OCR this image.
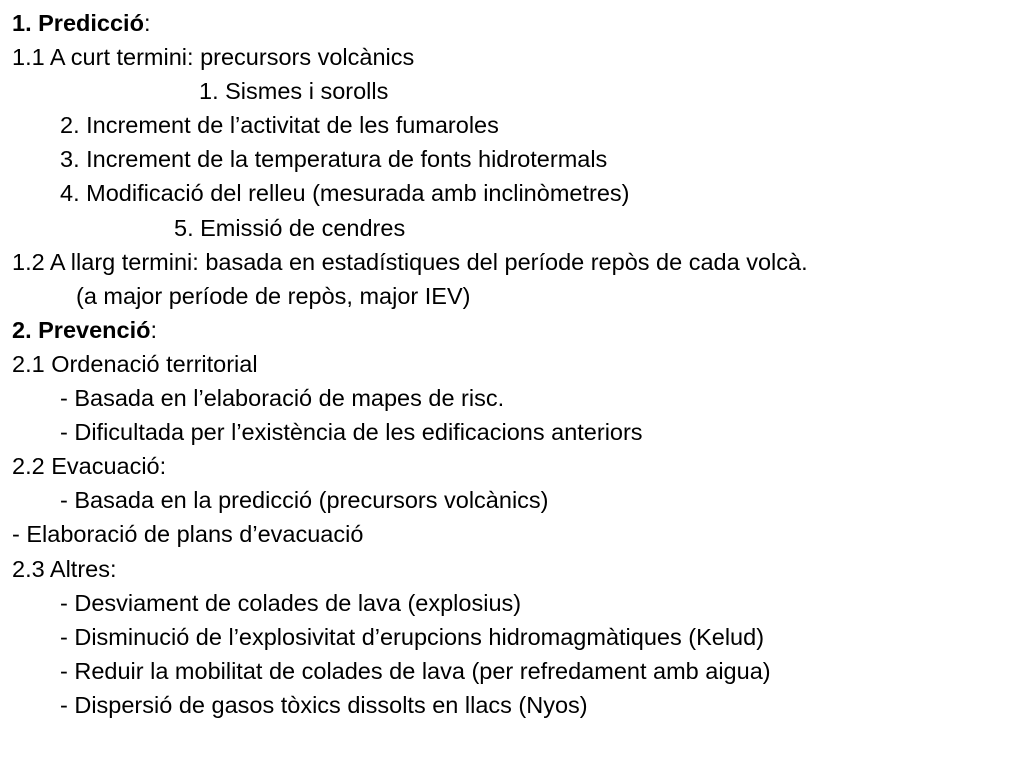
1. Predicció:
1.1 A curt termini: precursors volcànics
1. Sismes i sorolls
2. Increment de l’activitat de les fumaroles
3. Increment de la temperatura de fonts hidrotermals
4. Modificació del relleu (mesurada amb inclinòmetres)
5. Emissió de cendres
1.2 A llarg termini: basada en estadístiques del període repòs de cada volcà.
(a major període de repòs, major IEV)
2. Prevenció:
2.1 Ordenació territorial
- Basada en l’elaboració de mapes de risc.
- Dificultada per l’existència de les edificacions anteriors
2.2 Evacuació:
- Basada en la predicció (precursors volcànics)
- Elaboració de plans d’evacuació
2.3 Altres:
- Desviament de colades de lava (explosius)
- Disminució de l’explosivitat d’erupcions hidromagmàtiques (Kelud)
- Reduir la mobilitat de colades de lava (per refredament amb aigua)
- Dispersió de gasos tòxics dissolts en llacs (Nyos)
